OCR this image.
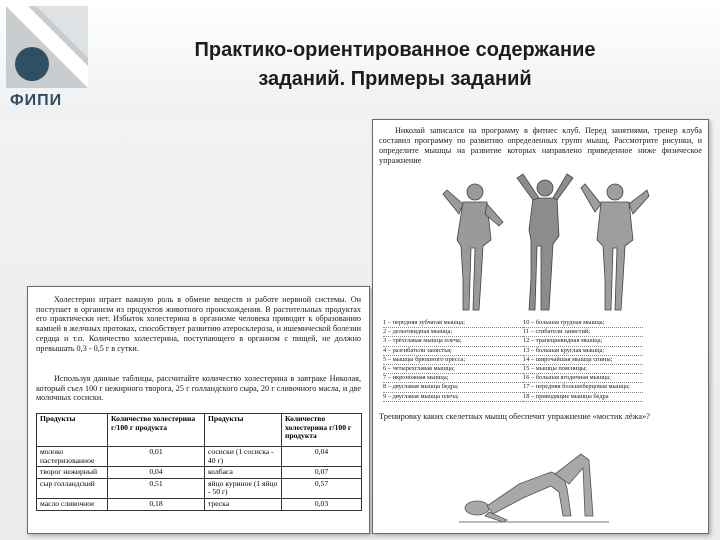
ФИПИ
Практико-ориентированное содержание
заданий. Примеры заданий

Холестерин играет важную роль в обмене веществ и работе нервной системы. Он поступает в организм из продуктов животного происхождения. В растительных продуктах его практически нет. Избыток холестерина в организме человека приводит к образованию камней в желчных протоках, способствует развитию атеросклероза, и ишемической болезни сердца и т.п. Количество холестерина, поступающего в организм с пищей, не должно превышать 0,3 - 0,5 г в сутки.

Используя данные таблицы, рассчитайте количество холестерина в завтраке Николая, который съел 100 г нежирного творога, 25 г голландского сыра, 20 г сливочного масла, и две молочных сосиски.

Продукты	Количество холестерина г/100 г продукта	Продукты	Количество холестерина г/100 г продукта
молоко пастеризованное	0,01	сосиски (1 сосиска - 40 г)	0,04
творог нежирный	0,04	колбаса	0,07
сыр голландский	0,51	яйцо куриное (1 яйцо - 50 г)	0,57
масло сливочное	0,18	треска	0,03

Николай записался на программу в фитнес клуб. Перед занятиями, тренер клуба составил программу по развитию определенных групп мышц. Рассмотрите рисунки, и определите мышцы на развитие которых направлено приведенное ниже физическое упражнение

1 – передняя зубчатая мышца;
2 – дельтовидная мышца;
3 – трёхглавая мышца плеча;
4 – разгибатели запястья;
5 – мышцы брюшного пресса;
6 – четырехглавая мышца;
7 – икроножная мышца;
8 – двуглавая мышца бедра;
9 – двуглавая мышца плеча;
10 – большая грудная мышца;
11 – сгибатели запястий;
12 – трапециевидная мышца;
13 – большая круглая мышца;
14 – широчайшая мышца спины;
15 – мышцы поясницы;
16 – большая ягодичная мышца;
17 – передняя большеберцовая мышца;
18 – приводящие мышцы бедра
Тренировку каких скелетных мышц обеспечит упражнение «мостик лёжа»?
